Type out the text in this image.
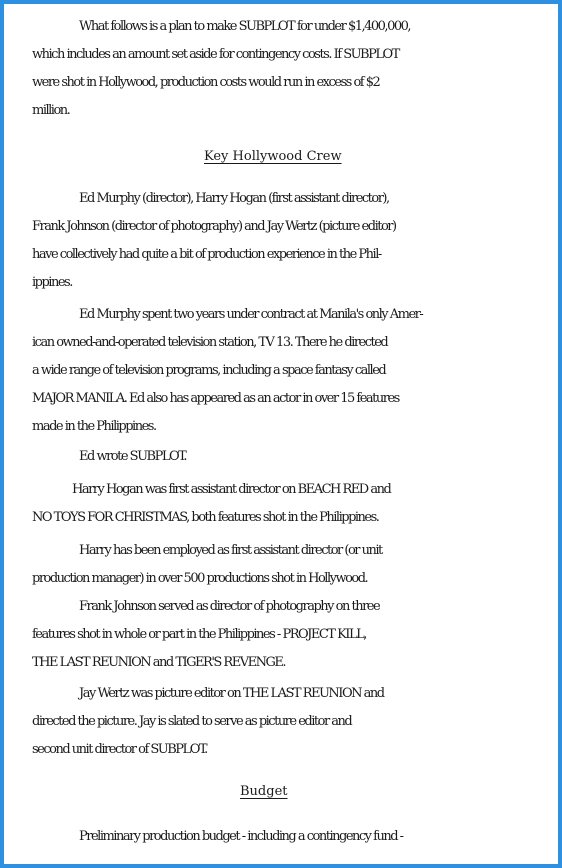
What follows is a plan to make SUBPLOT for under $1,400,000,
which includes an amount set aside for contingency costs. If SUBPLOT
were shot in Hollywood, production costs would run in excess of $2
million.
Key Hollywood Crew
Ed Murphy (director), Harry Hogan (first assistant director),
Frank Johnson (director of photography) and Jay Wertz (picture editor)
have collectively had quite a bit of production experience in the Phil-
ippines.
Ed Murphy spent two years under contract at Manila's only Amer-
ican owned-and-operated television station, TV 13. There he directed
a wide range of television programs, including a space fantasy called
MAJOR MANILA. Ed also has appeared as an actor in over 15 features
made in the Philippines.
Ed wrote SUBPLOT.
Harry Hogan was first assistant director on BEACH RED and
NO TOYS FOR CHRISTMAS, both features shot in the Philippines.
Harry has been employed as first assistant director (or unit
production manager) in over 500 productions shot in Hollywood.
Frank Johnson served as director of photography on three
features shot in whole or part in the Philippines - PROJECT KILL,
THE LAST REUNION and TIGER'S REVENGE.
Jay Wertz was picture editor on THE LAST REUNION and
directed the picture. Jay is slated to serve as picture editor and
second unit director of SUBPLOT.
Budget
Preliminary production budget - including a contingency fund -
